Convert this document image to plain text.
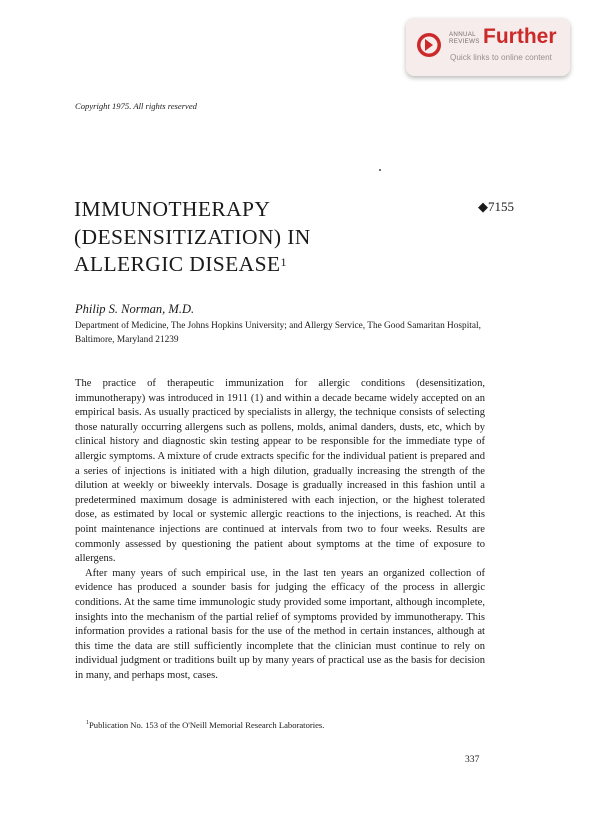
ANNUAL
REVIEWS Further
Quick links to online content
Copyright 1975. All rights reserved
IMMUNOTHERAPY
(DESENSITIZATION) IN
ALLERGIC DISEASE$^1$
◆7155
Philip S. Norman, M.D.
Department of Medicine, The Johns Hopkins University; and Allergy Service, The Good Samaritan Hospital, Baltimore, Maryland 21239

The practice of therapeutic immunization for allergic conditions (desensitization, immunotherapy) was introduced in 1911 (1) and within a decade became widely accepted on an empirical basis. As usually practiced by specialists in allergy, the technique consists of selecting those naturally occurring allergens such as pollens, molds, animal danders, dusts, etc, which by clinical history and diagnostic skin testing appear to be responsible for the immediate type of allergic symptoms. A mixture of crude extracts specific for the individual patient is prepared and a series of injections is initiated with a high dilution, gradually increasing the strength of the dilution at weekly or biweekly intervals. Dosage is gradually increased in this fashion until a predetermined maximum dosage is administered with each injection, or the highest tolerated dose, as estimated by local or systemic allergic reactions to the injections, is reached. At this point maintenance injections are continued at intervals from two to four weeks. Results are commonly assessed by questioning the patient about symptoms at the time of exposure to allergens.

After many years of such empirical use, in the last ten years an organized collection of evidence has produced a sounder basis for judging the efficacy of the process in allergic conditions. At the same time immunologic study provided some important, although incomplete, insights into the mechanism of the partial relief of symptoms provided by immunotherapy. This information provides a rational basis for the use of the method in certain instances, although at this time the data are still sufficiently incomplete that the clinician must continue to rely on individual judgment or traditions built up by many years of practical use as the basis for decision in many, and perhaps most, cases.

$^1$Publication No. 153 of the O'Neill Memorial Research Laboratories.
337
